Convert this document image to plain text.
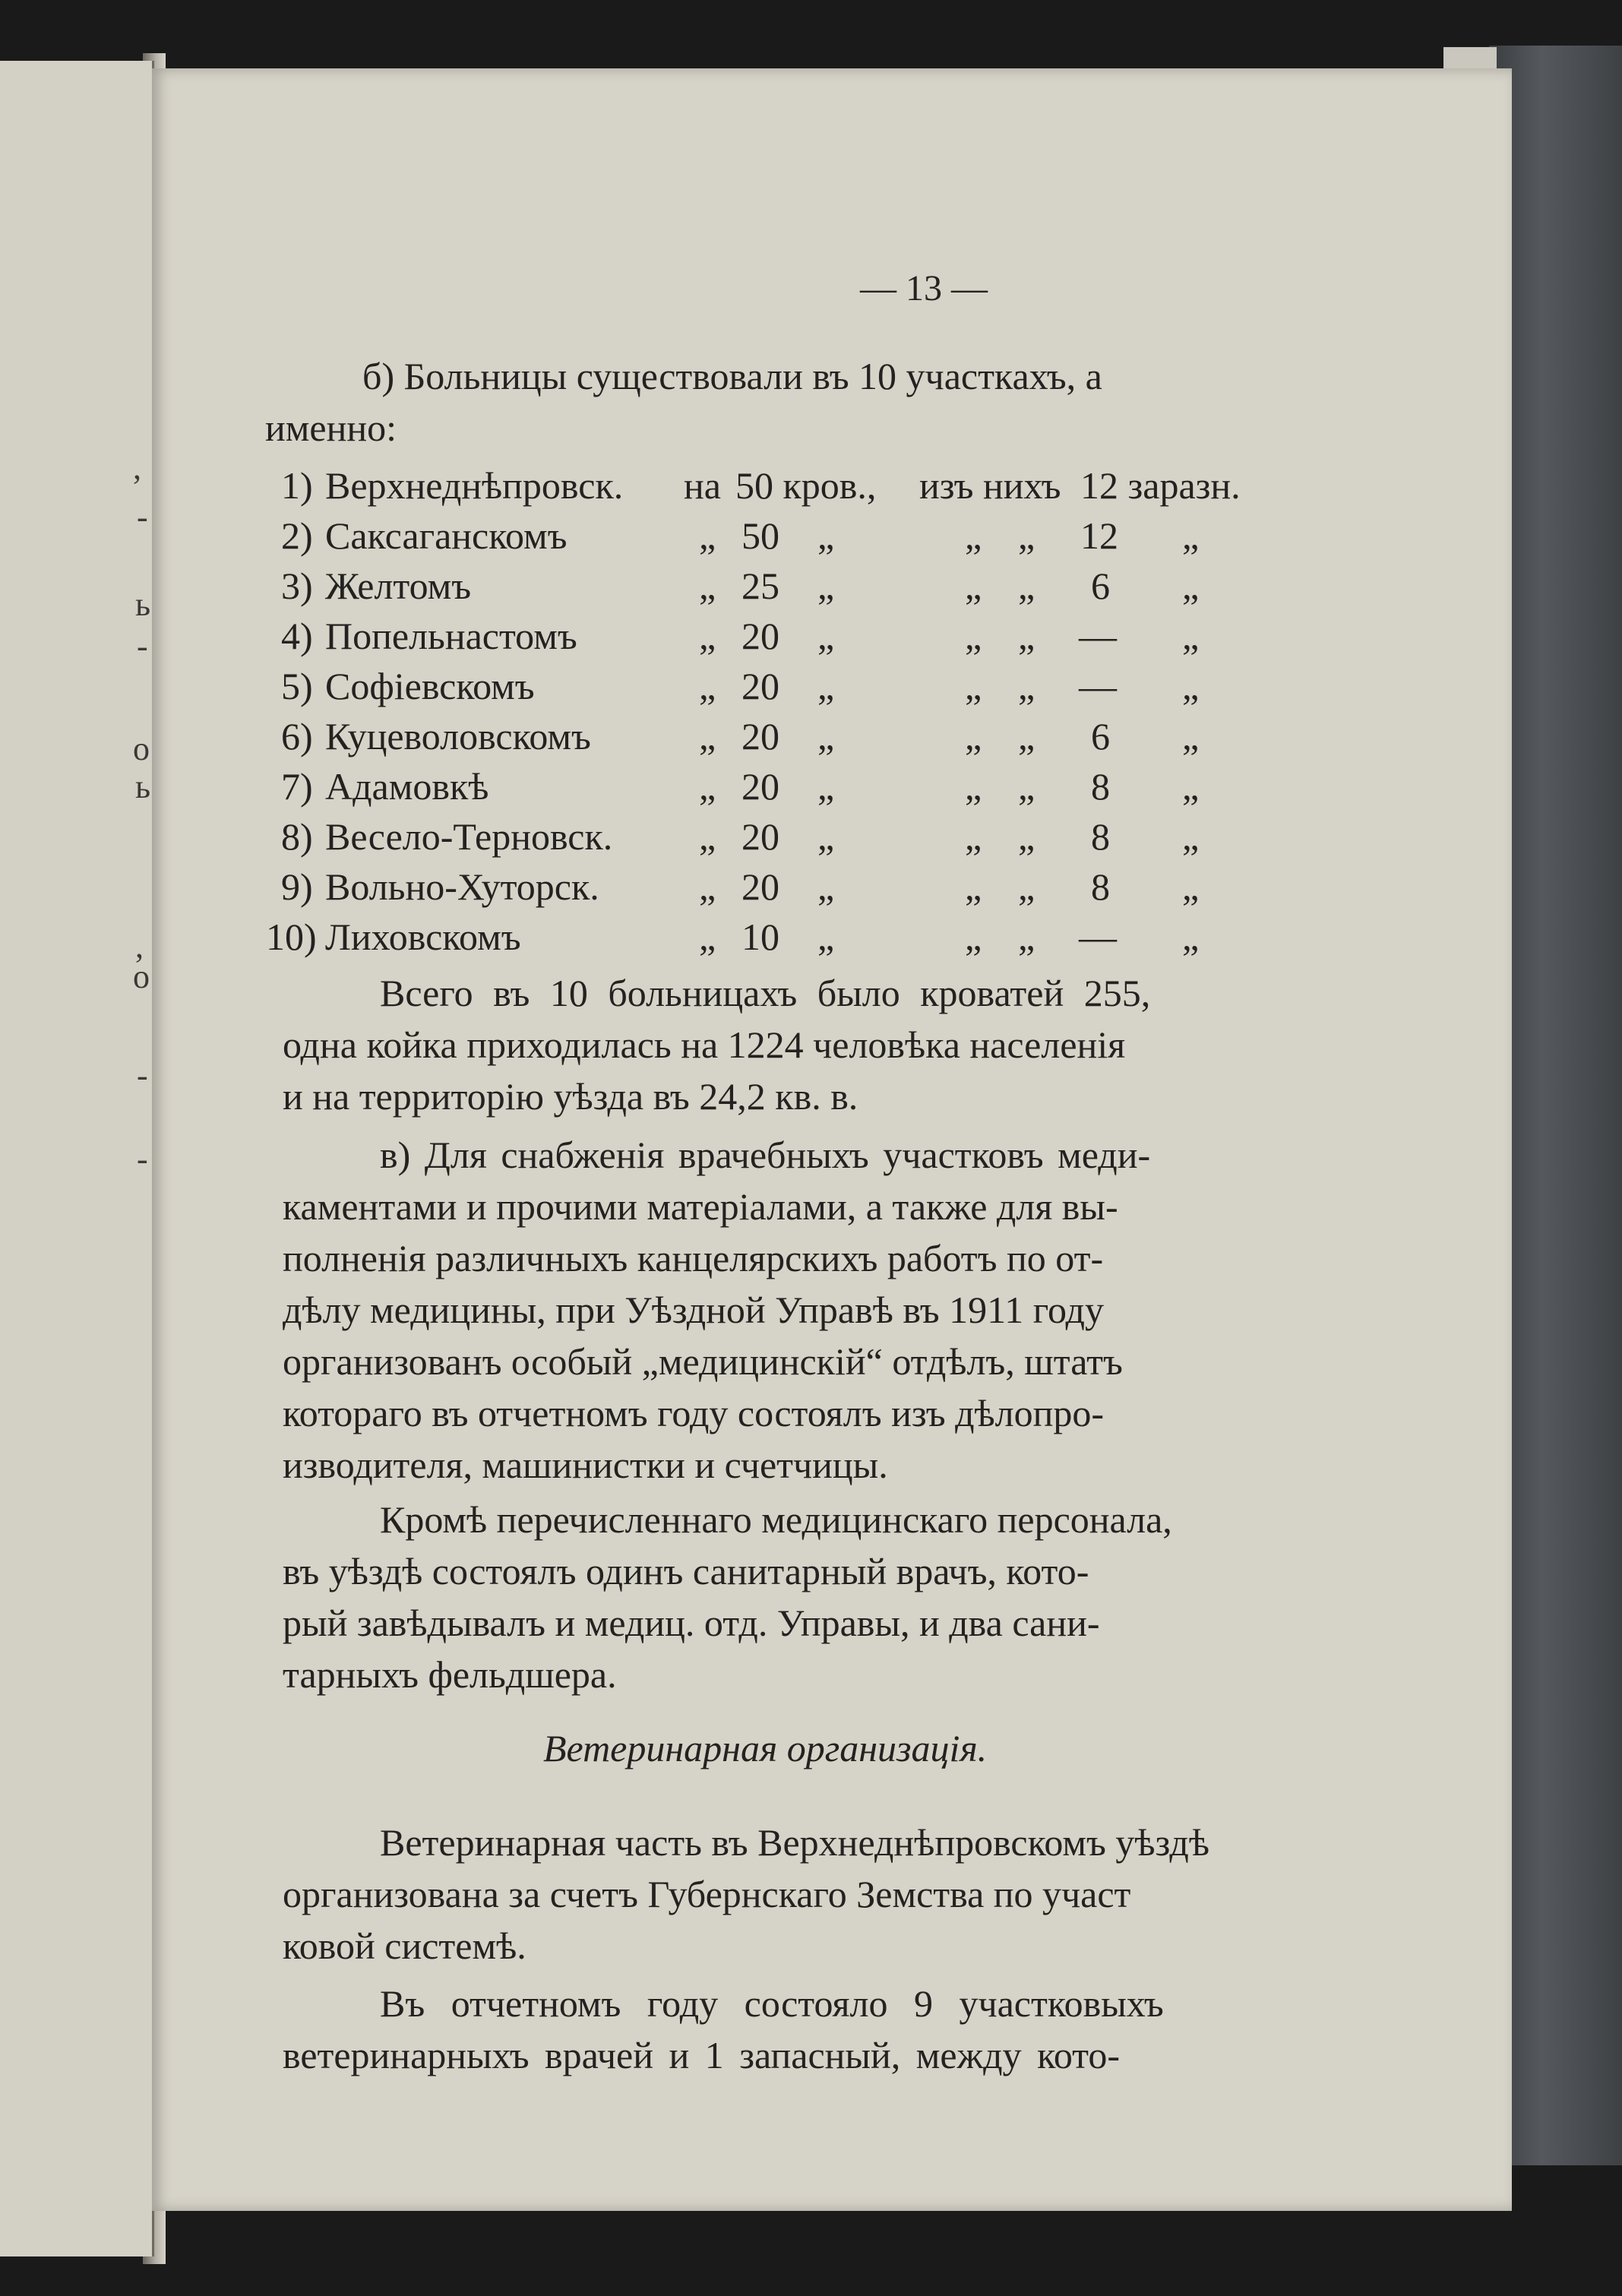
,
-
ь
-
о
ь
,
-
о
-
— 13 —
б) Больницы существовали въ 10 участкахъ, а
именно:
1) Верхнеднѣпровск. на 50 кров., изъ нихъ 12 заразн.
2) Саксаганскомъ	„ 50 „	„ „ 12 „
3) Желтомъ	„ 25 „	„ „ 6 „
4) Попельнастомъ	„ 20 „	„ „ — „
5) Софіевскомъ	„ 20 „	„ „ — „
6) Куцеволовскомъ	„ 20 „	„ „ 6 „
7) Адамовкѣ	„ 20 „	„ „ 8 „
8) Весело-Терновск. „ 20 „	„ „ 8 „
9) Вольно-Хуторск.	„ 20 „	„ „ 8 „
10) Лиховскомъ	„ 10 „	„ „ — „
Всего въ 10 больницахъ было кроватей 255,
одна койка приходилась на 1224 человѣка населенія
и на территорію уѣзда въ 24,2 кв. в.
в) Для снабженія врачебныхъ участковъ меди-
каментами и прочими матеріалами, а также для вы-
полненія различныхъ канцелярскихъ работъ по от-
дѣлу медицины, при Уѣздной Управѣ въ 1911 году
организованъ особый „медицинскій“ отдѣлъ, штатъ
котораго въ отчетномъ году состоялъ изъ дѣлопро-
изводителя, машинистки и счетчицы.
Кромѣ перечисленнаго медицинскаго персонала,
въ уѣздѣ состоялъ одинъ санитарный врачъ, кото-
рый завѣдывалъ и медиц. отд. Управы, и два сани-
тарныхъ фельдшера.
Ветеринарная организація.
Ветеринарная часть въ Верхнеднѣпровскомъ уѣздѣ
организована за счетъ Губернскаго Земства по участ
ковой системѣ.
Въ отчетномъ году состояло 9 участковыхъ
ветеринарныхъ врачей и 1 запасный, между кото-
